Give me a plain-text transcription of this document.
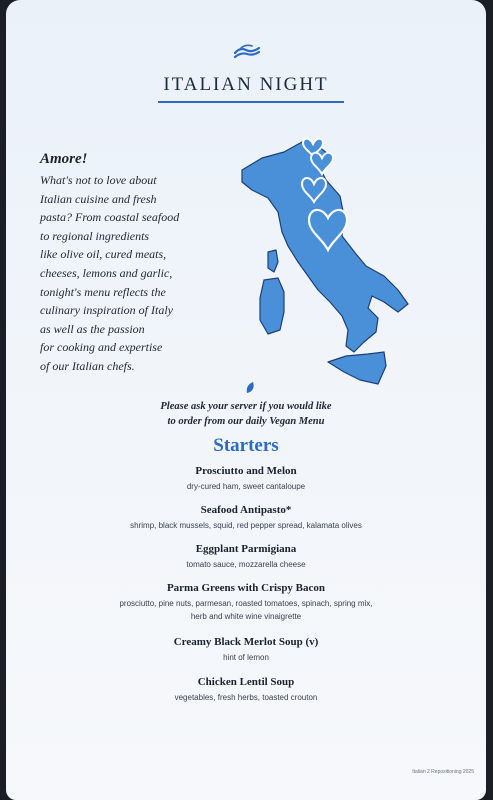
ITALIAN NIGHT
Amore!
What's not to love about
Italian cuisine and fresh
pasta? From coastal seafood
to regional ingredients
like olive oil, cured meats,
cheeses, lemons and garlic,
tonight's menu reflects the
culinary inspiration of Italy
as well as the passion
for cooking and expertise
of our Italian chefs.
Please ask your server if you would like
to order from our daily Vegan Menu
Starters
Prosciutto and Melon
dry-cured ham, sweet cantaloupe
Seafood Antipasto*
shrimp, black mussels, squid, red pepper spread, kalamata olives
Eggplant Parmigiana
tomato sauce, mozzarella cheese
Parma Greens with Crispy Bacon
prosciutto, pine nuts, parmesan, roasted tomatoes, spinach, spring mix, herb and white wine vinaigrette
Creamy Black Merlot Soup (v)
hint of lemon
Chicken Lentil Soup
vegetables, fresh herbs, toasted crouton
Italian 2 Repositioning 2025
